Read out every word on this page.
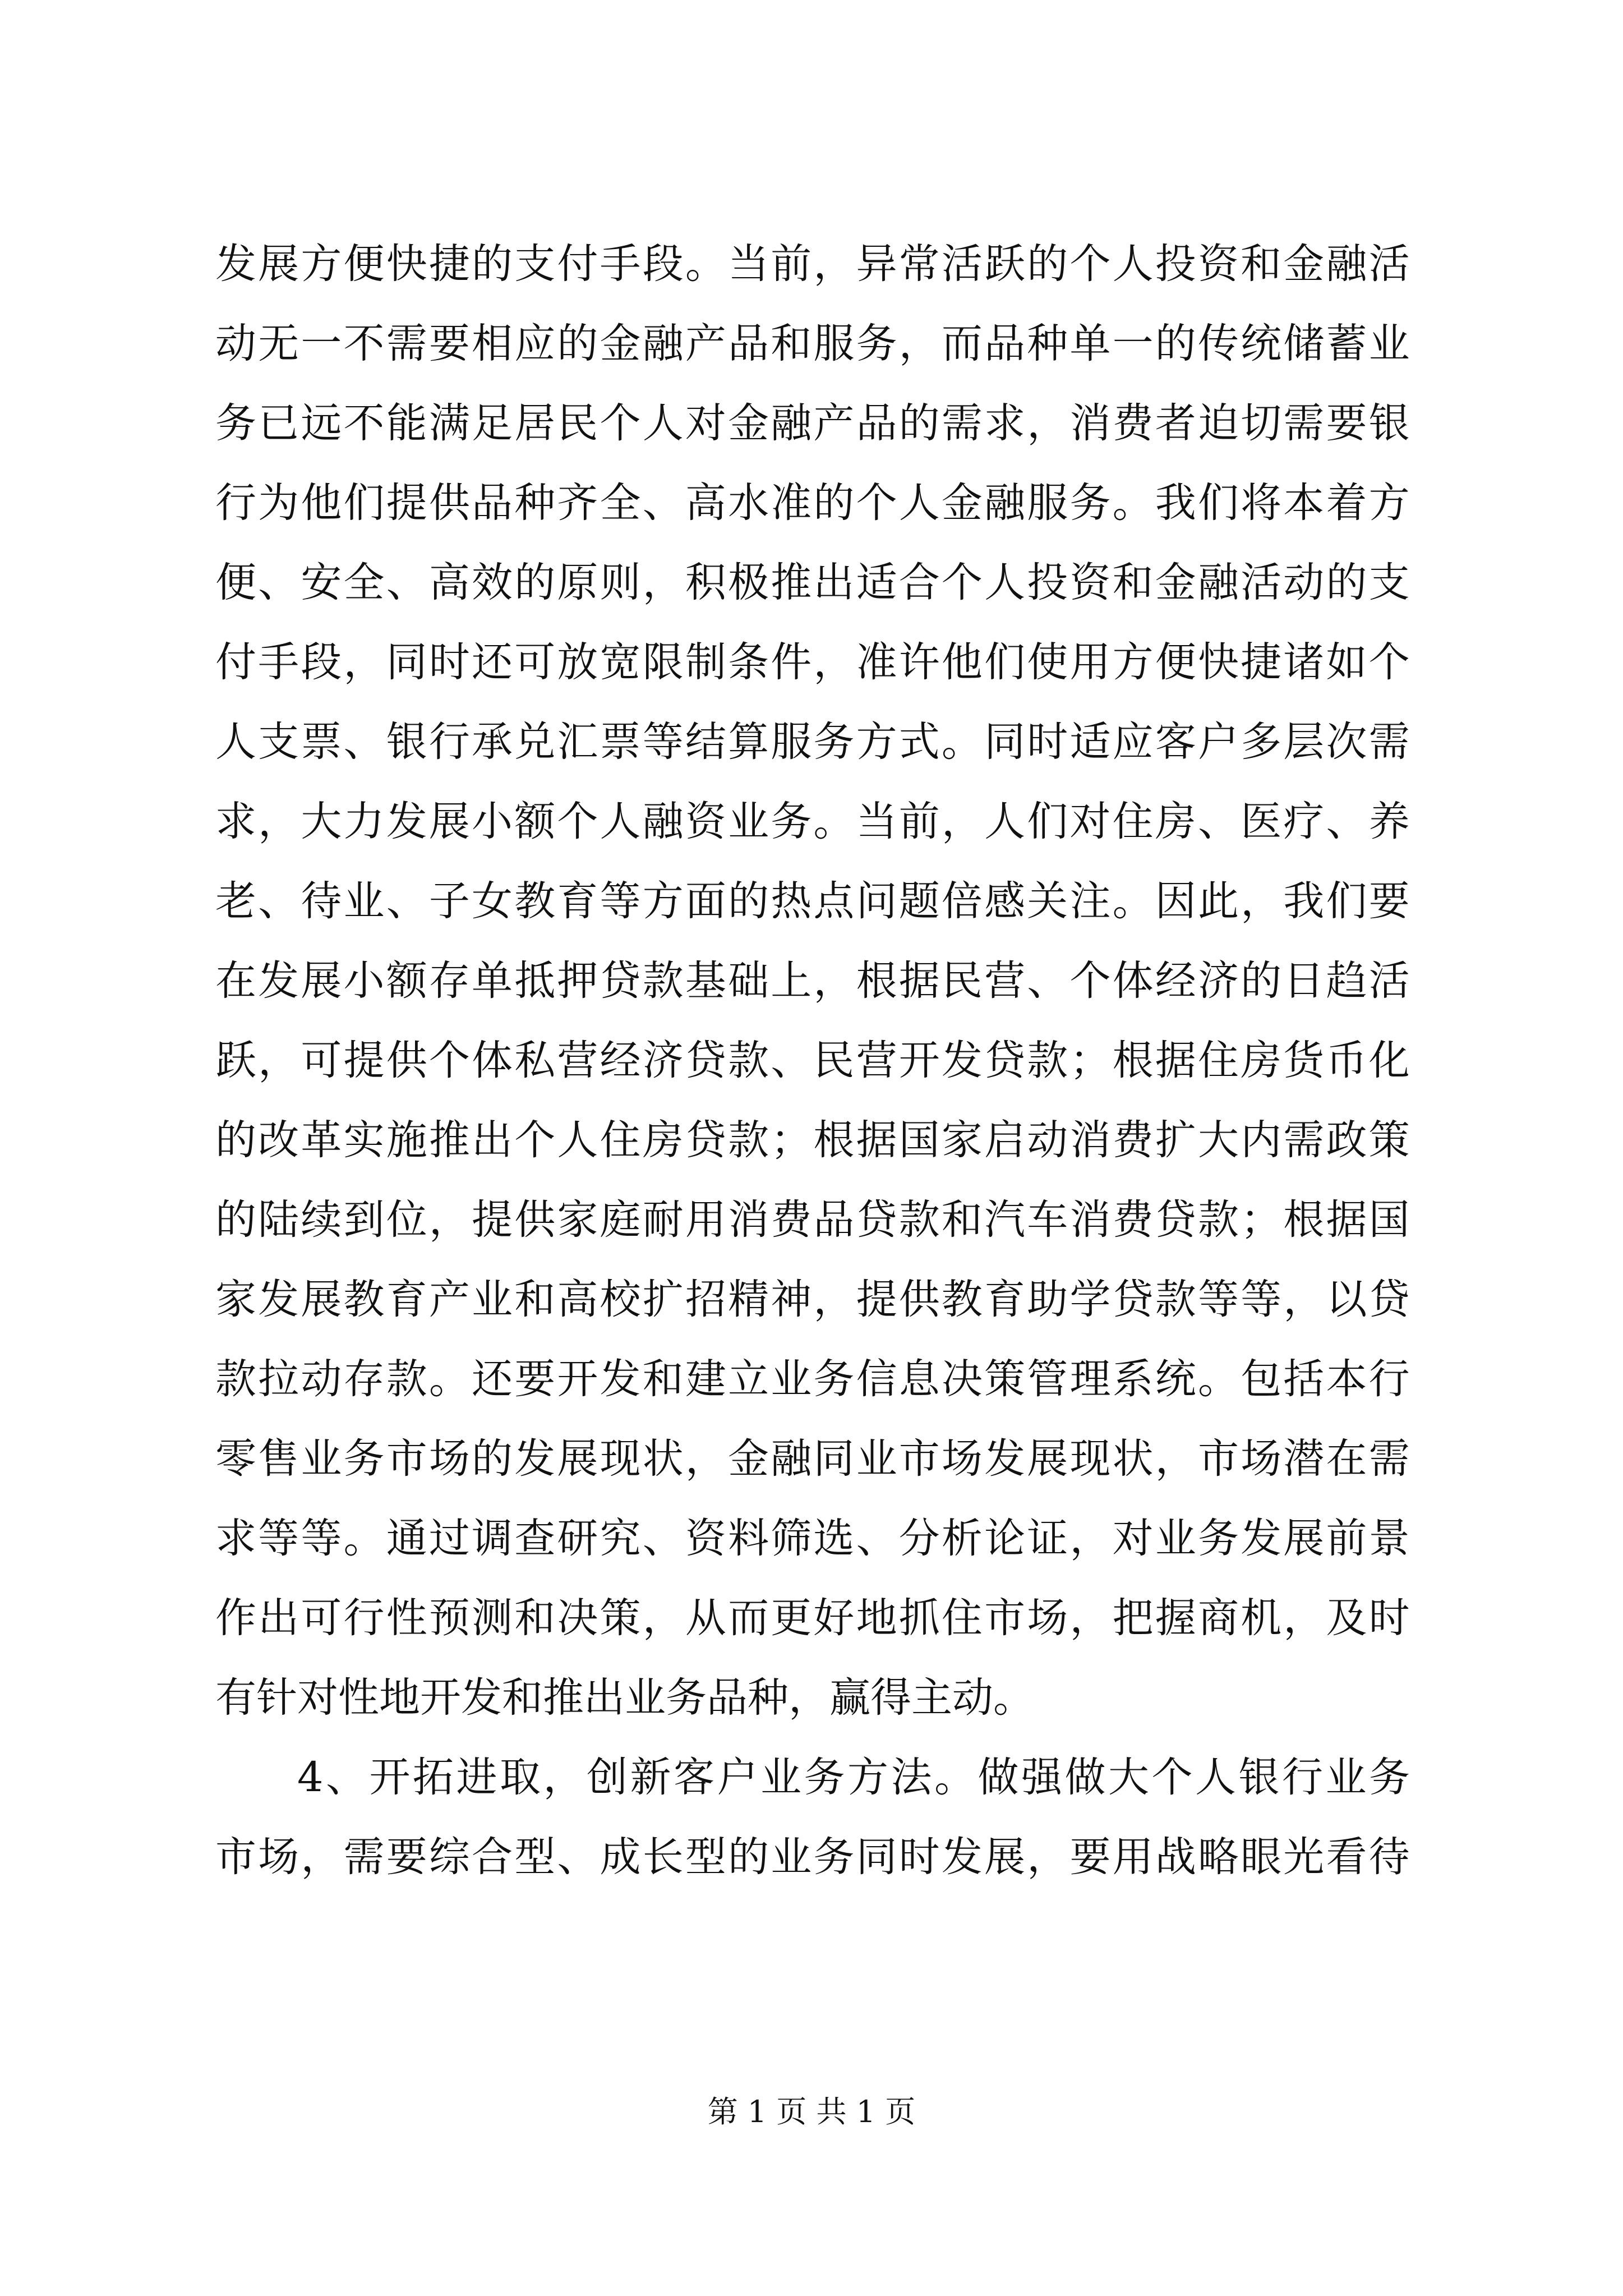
发 展 方 便 快 捷 的 支 付 手 段 。 当 前 ， 异 常 活 跃 的 个 人 投 资 和 金 融 活
动 无 一 不 需 要 相 应 的 金 融 产 品 和 服 务 ， 而 品 种 单 一 的 传 统 储 蓄 业
务 已 远 不 能 满 足 居 民 个 人 对 金 融 产 品 的 需 求 ， 消 费 者 迫 切 需 要 银
行 为 他 们 提 供 品 种 齐 全 、 高 水 准 的 个 人 金 融 服 务 。 我 们 将 本 着 方
便 、 安 全 、 高 效 的 原 则 ， 积 极 推 出 适 合 个 人 投 资 和 金 融 活 动 的 支
付 手 段 ， 同 时 还 可 放 宽 限 制 条 件 ， 准 许 他 们 使 用 方 便 快 捷 诸 如 个
人 支 票 、 银 行 承 兑 汇 票 等 结 算 服 务 方 式 。 同 时 适 应 客 户 多 层 次 需
求 ， 大 力 发 展 小 额 个 人 融 资 业 务 。 当 前 ， 人 们 对 住 房 、 医 疗 、 养
老 、 待 业 、 子 女 教 育 等 方 面 的 热 点 问 题 倍 感 关 注 。 因 此 ， 我 们 要
在 发 展 小 额 存 单 抵 押 贷 款 基 础 上 ， 根 据 民 营 、 个 体 经 济 的 日 趋 活
跃 ， 可 提 供 个 体 私 营 经 济 贷 款 、 民 营 开 发 贷 款 ； 根 据 住 房 货 币 化
的 改 革 实 施 推 出 个 人 住 房 贷 款 ； 根 据 国 家 启 动 消 费 扩 大 内 需 政 策
的 陆 续 到 位 ， 提 供 家 庭 耐 用 消 费 品 贷 款 和 汽 车 消 费 贷 款 ； 根 据 国
家 发 展 教 育 产 业 和 高 校 扩 招 精 神 ， 提 供 教 育 助 学 贷 款 等 等 ， 以 贷
款 拉 动 存 款 。 还 要 开 发 和 建 立 业 务 信 息 决 策 管 理 系 统 。 包 括 本 行
零 售 业 务 市 场 的 发 展 现 状 ， 金 融 同 业 市 场 发 展 现 状 ， 市 场 潜 在 需
求 等 等 。 通 过 调 查 研 究 、 资 料 筛 选 、 分 析 论 证 ， 对 业 务 发 展 前 景
作 出 可 行 性 预 测 和 决 策 ， 从 而 更 好 地 抓 住 市 场 ， 把 握 商 机 ， 及 时
有针对性地开发和推出业务品种，赢得主动。
4 、 开 拓 进 取 ， 创 新 客 户 业 务 方 法 。 做 强 做 大 个 人 银 行 业 务
市 场 ， 需 要 综 合 型 、 成 长 型 的 业 务 同 时 发 展 ， 要 用 战 略 眼 光 看 待
第 1 页 共 1 页
